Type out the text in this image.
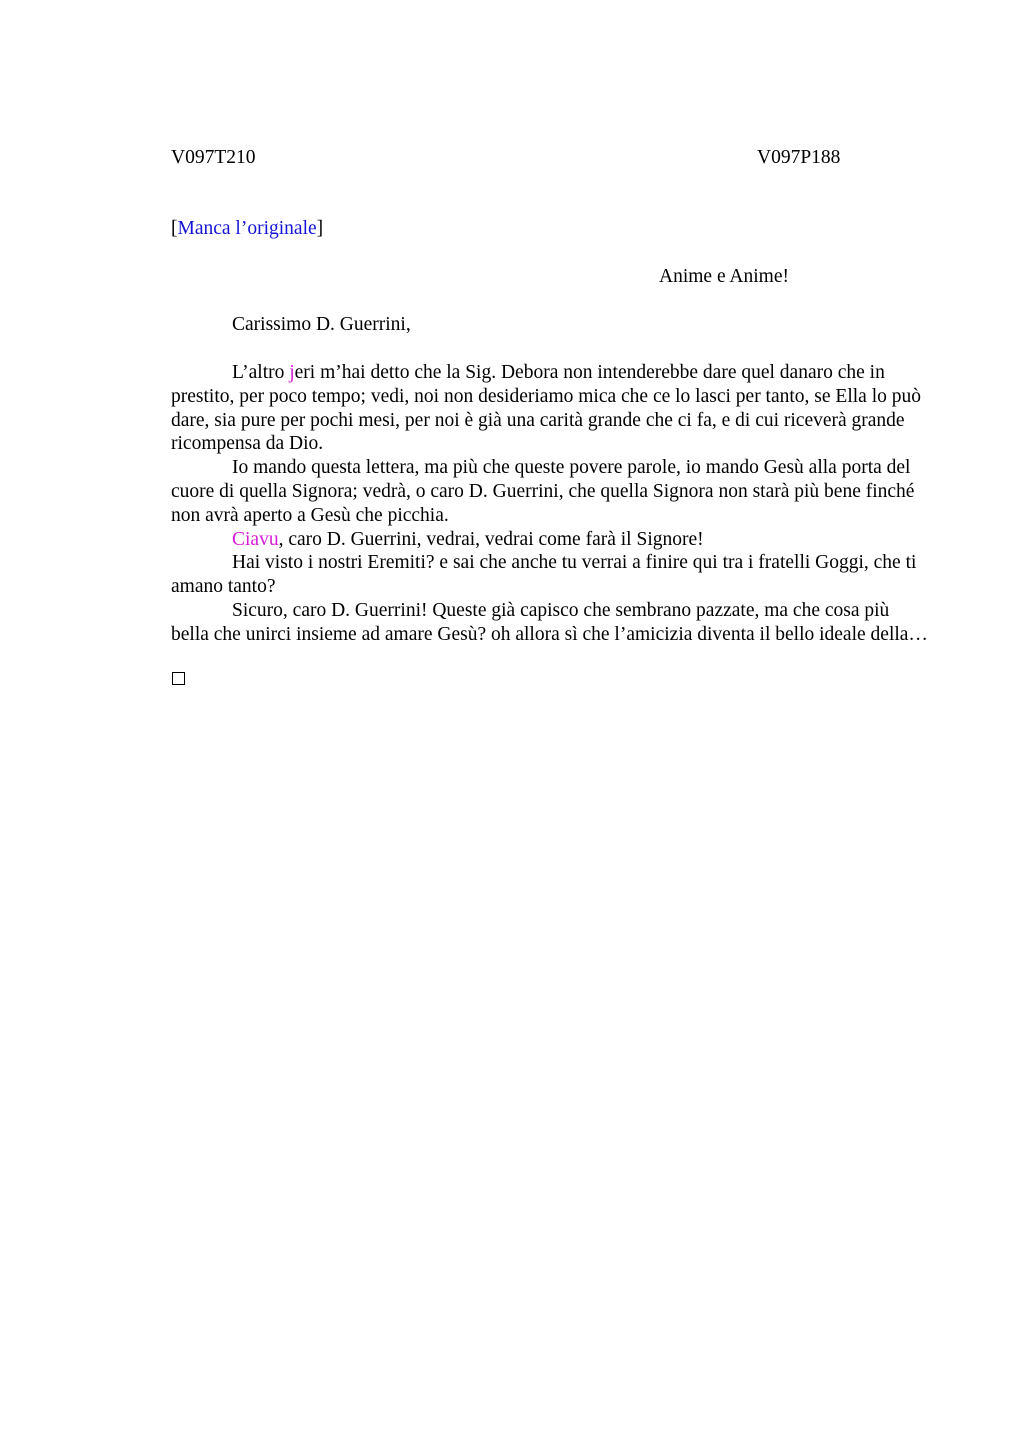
V097T210	V097P188
[Manca l’originale]
Anime e Anime!
Carissimo D. Guerrini,

L’altro jeri m’hai detto che la Sig. Debora non intenderebbe dare quel danaro che in prestito, per poco tempo; vedi, noi non desideriamo mica che ce lo lasci per tanto, se Ella lo può dare, sia pure per pochi mesi, per noi è già una carità grande che ci fa, e di cui riceverà grande ricompensa da Dio.

Io mando questa lettera, ma più che queste povere parole, io mando Gesù alla porta del cuore di quella Signora; vedrà, o caro D. Guerrini, che quella Signora non starà più bene finché non avrà aperto a Gesù che picchia.

Ciavu, caro D. Guerrini, vedrai, vedrai come farà il Signore!

Hai visto i nostri Eremiti? e sai che anche tu verrai a finire qui tra i fratelli Goggi, che ti amano tanto?

Sicuro, caro D. Guerrini! Queste già capisco che sembrano pazzate, ma che cosa più bella che unirci insieme ad amare Gesù? oh allora sì che l’amicizia diventa il bello ideale della…
